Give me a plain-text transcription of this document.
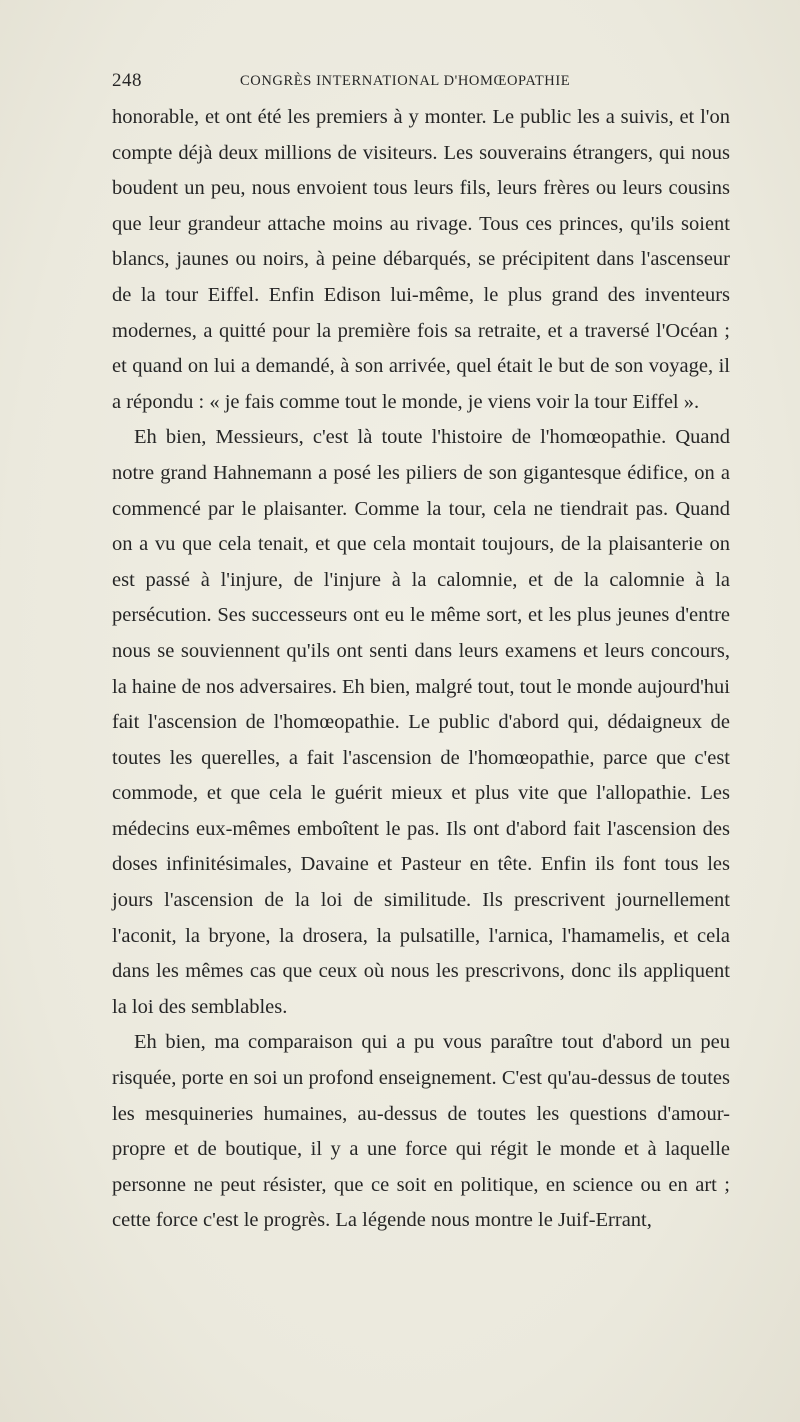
248	CONGRÈS INTERNATIONAL D'HOMŒOPATHIE

honorable, et ont été les premiers à y monter. Le public les a suivis, et l'on compte déjà deux millions de visiteurs. Les souverains étrangers, qui nous boudent un peu, nous envoient tous leurs fils, leurs frères ou leurs cousins que leur grandeur attache moins au rivage. Tous ces princes, qu'ils soient blancs, jaunes ou noirs, à peine débarqués, se précipitent dans l'ascenseur de la tour Eiffel. Enfin Edison lui-même, le plus grand des inventeurs modernes, a quitté pour la première fois sa retraite, et a traversé l'Océan ; et quand on lui a demandé, à son arrivée, quel était le but de son voyage, il a répondu : « je fais comme tout le monde, je viens voir la tour Eiffel ».

Eh bien, Messieurs, c'est là toute l'histoire de l'homœopathie. Quand notre grand Hahnemann a posé les piliers de son gigantesque édifice, on a commencé par le plaisanter. Comme la tour, cela ne tiendrait pas. Quand on a vu que cela tenait, et que cela montait toujours, de la plaisanterie on est passé à l'injure, de l'injure à la calomnie, et de la calomnie à la persécution. Ses successeurs ont eu le même sort, et les plus jeunes d'entre nous se souviennent qu'ils ont senti dans leurs examens et leurs concours, la haine de nos adversaires. Eh bien, malgré tout, tout le monde aujourd'hui fait l'ascension de l'homœopathie. Le public d'abord qui, dédaigneux de toutes les querelles, a fait l'ascension de l'homœopathie, parce que c'est commode, et que cela le guérit mieux et plus vite que l'allopathie. Les médecins eux-mêmes emboîtent le pas. Ils ont d'abord fait l'ascension des doses infinitésimales, Davaine et Pasteur en tête. Enfin ils font tous les jours l'ascension de la loi de similitude. Ils prescrivent journellement l'aconit, la bryone, la drosera, la pulsatille, l'arnica, l'hamamelis, et cela dans les mêmes cas que ceux où nous les prescrivons, donc ils appliquent la loi des semblables.

Eh bien, ma comparaison qui a pu vous paraître tout d'abord un peu risquée, porte en soi un profond enseignement. C'est qu'au-dessus de toutes les mesquineries humaines, au-dessus de toutes les questions d'amour-propre et de boutique, il y a une force qui régit le monde et à laquelle personne ne peut résister, que ce soit en politique, en science ou en art ; cette force c'est le progrès. La légende nous montre le Juif-Errant,
